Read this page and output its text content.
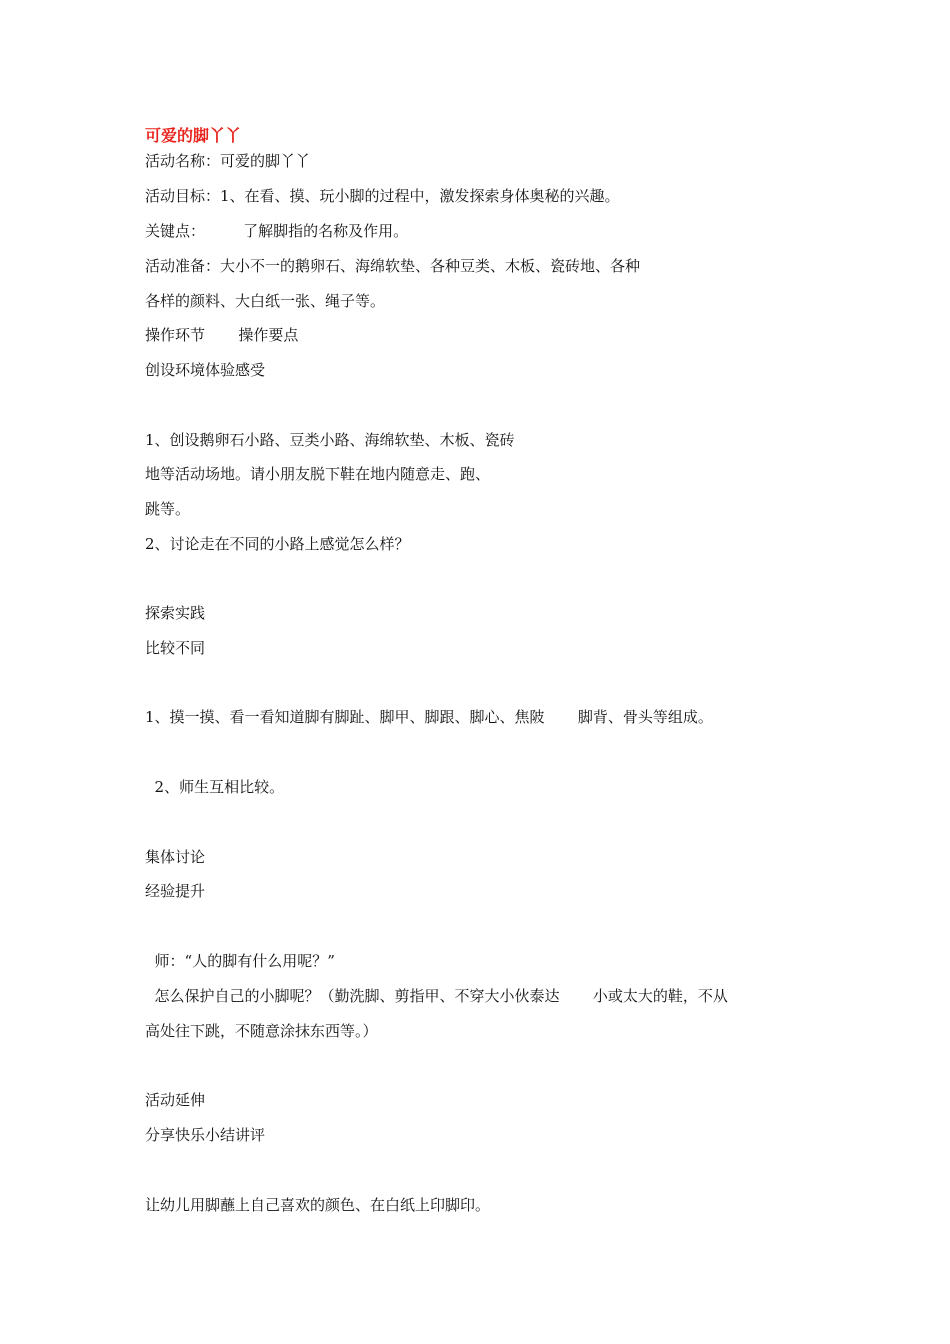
可爱的脚丫丫

活动名称：可爱的脚丫丫

活动目标：1、在看、摸、玩小脚的过程中，激发探索身体奥秘的兴趣。

关键点：        了解脚指的名称及作用。

活动准备：大小不一的鹅卵石、海绵软垫、各种豆类、木板、瓷砖地、各种

各样的颜料、大白纸一张、绳子等。

操作环节       操作要点

创设环境体验感受

1、创设鹅卵石小路、豆类小路、海绵软垫、木板、瓷砖

地等活动场地。请小朋友脱下鞋在地内随意走、跑、

跳等。

2、讨论走在不同的小路上感觉怎么样？

探索实践

比较不同

1、摸一摸、看一看知道脚有脚趾、脚甲、脚跟、脚心、焦陂       脚背、骨头等组成。

2、师生互相比较。

集体讨论

经验提升

师：“人的脚有什么用呢？”

怎么保护自己的小脚呢？（勤洗脚、剪指甲、不穿大小伙泰达       小或太大的鞋，不从

高处往下跳，不随意涂抹东西等。）

活动延伸

分享快乐小结讲评

让幼儿用脚蘸上自己喜欢的颜色、在白纸上印脚印。
